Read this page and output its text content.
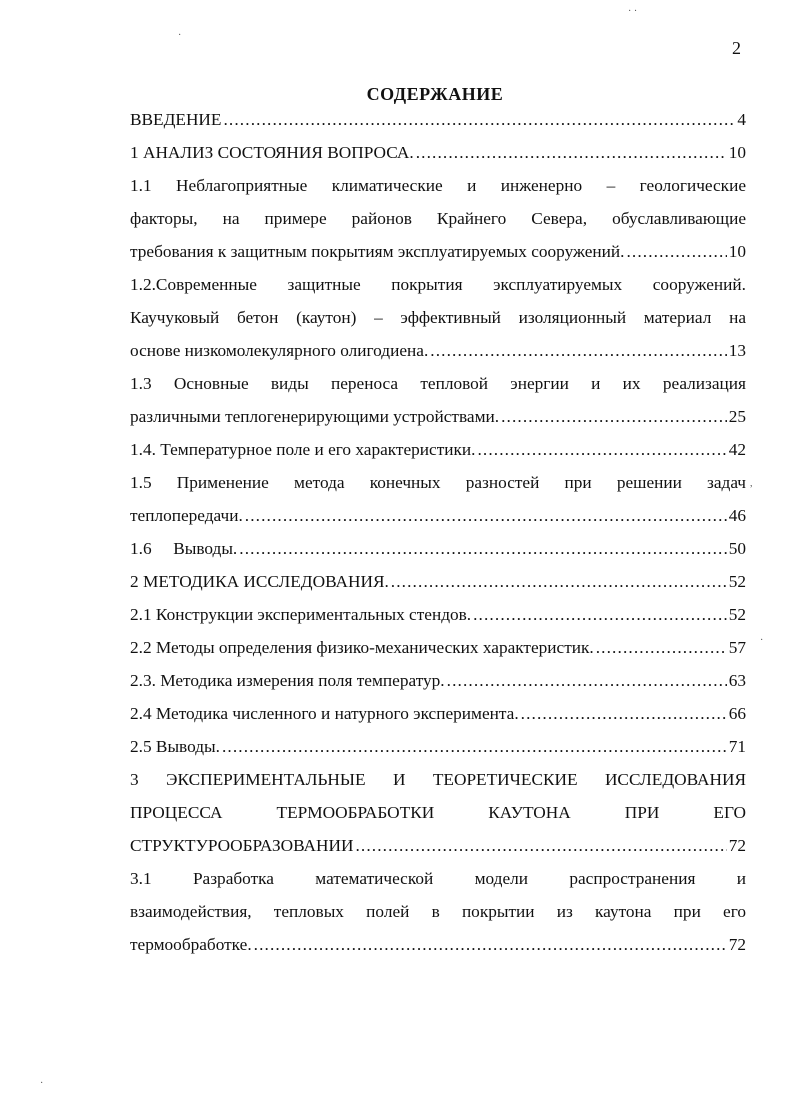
2
СОДЕРЖАНИЕ
ВВЕДЕНИЕ . . .	4
1 АНАЛИЗ СОСТОЯНИЯ ВОПРОСА. . . .	10
1.1 Неблагоприятные климатические и инженерно – геологические
факторы, на примере районов Крайнего Севера, обуславливающие
требования к защитным покрытиям эксплуатируемых сооружений. . . .	10
1.2.Современные защитные покрытия эксплуатируемых сооружений.
Каучуковый бетон (каутон) – эффективный изоляционный материал на
основе низкомолекулярного олигодиена. . . .	13
1.3 Основные виды переноса тепловой энергии и их реализация
различными теплогенерирующими устройствами. . . .	25
1.4. Температурное поле и его характеристики. . . .	42
1.5 Применение метода конечных разностей при решении задач
теплопередачи. . . .	46
1.6     Выводы. . . .	50
2 МЕТОДИКА ИССЛЕДОВАНИЯ. . . .	52
2.1 Конструкции экспериментальных стендов. . . .	52
2.2 Методы определения физико-механических характеристик. . . .	57
2.3. Методика измерения поля температур. . . .	63
2.4 Методика численного и натурного эксперимента. . . .	66
2.5 Выводы. . . .	71
3 ЭКСПЕРИМЕНТАЛЬНЫЕ И ТЕОРЕТИЧЕСКИЕ ИССЛЕДОВАНИЯ
ПРОЦЕССА ТЕРМООБРАБОТКИ КАУТОНА ПРИ ЕГО
СТРУКТУРООБРАЗОВАНИИ . . .	72
3.1 Разработка математической модели распространения и
взаимодействия, тепловых полей в покрытии из каутона при его
термообработке. . . .	72
·
· ·
,
·
·
